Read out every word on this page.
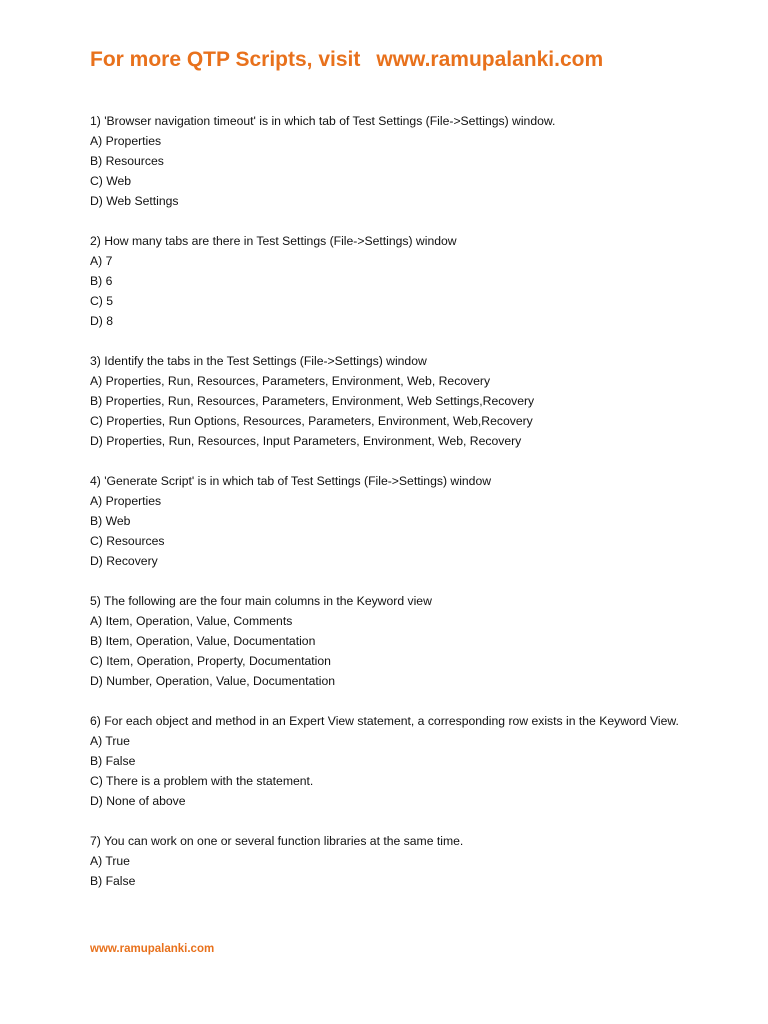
For more QTP Scripts, visit www.ramupalanki.com
1) 'Browser navigation timeout' is in which tab of Test Settings (File->Settings) window.
A) Properties
B) Resources
C) Web
D) Web Settings
2) How many tabs are there in Test Settings (File->Settings) window
A) 7
B) 6
C) 5
D) 8
3) Identify the tabs in the Test Settings (File->Settings) window
A) Properties, Run, Resources, Parameters, Environment, Web, Recovery
B) Properties, Run, Resources, Parameters, Environment, Web Settings,Recovery
C) Properties, Run Options, Resources, Parameters, Environment, Web,Recovery
D) Properties, Run, Resources, Input Parameters, Environment, Web, Recovery
4) 'Generate Script' is in which tab of Test Settings (File->Settings) window
A) Properties
B) Web
C) Resources
D) Recovery
5) The following are the four main columns in the Keyword view
A) Item, Operation, Value, Comments
B) Item, Operation, Value, Documentation
C) Item, Operation, Property, Documentation
D) Number, Operation, Value, Documentation
6) For each object and method in an Expert View statement, a corresponding row exists in the Keyword View.
A) True
B) False
C) There is a problem with the statement.
D) None of above
7) You can work on one or several function libraries at the same time.
A) True
B) False
www.ramupalanki.com
